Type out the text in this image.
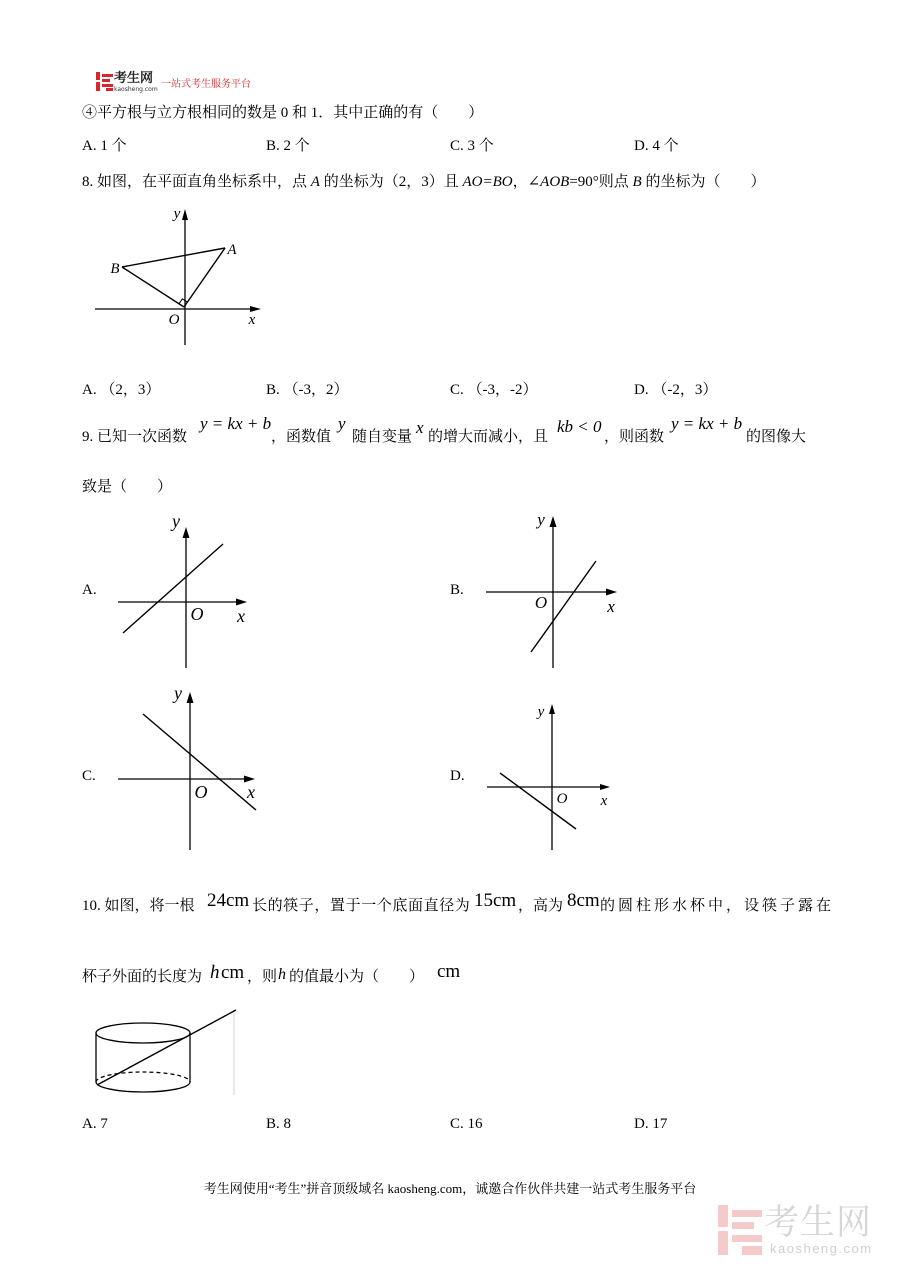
考生网
kaosheng.com 一站式考生服务平台
④平方根与立方根相同的数是 0 和 1．其中正确的有（　　）
A. 1 个	B. 2 个	C. 3 个	D. 4 个
8. 如图，在平面直角坐标系中，点 A 的坐标为（2，3）且 AO=BO，∠AOB=90°则点 B 的坐标为（　　）
y
A
B
O	x
A. （2，3）	B. （-3，2）	C. （-3，-2）	D. （-2，3）
9. 已知一次函数
y = kx + b
，函数值
y
随自变量 x 的增大而减小，且
kb < 0
，则函数
y = kx + b
的图像大
致是（　　）
A.
y
O x
B.
y
O	x
C.
y
O x
D.
y
O x
10. 如图，将一根 24cm 长的筷子，置于一个底面直径为 15cm ，高为 8cm 的圆柱形水杯中，设筷子露在
杯子外面的长度为 h cm ，则 h 的值最小为（　　） cm
A. 7	B. 8	C. 16	D. 17
考生网使用“考生”拼音顶级域名 kaosheng.com，诚邀合作伙伴共建一站式考生服务平台
考生网
kaosheng.com
